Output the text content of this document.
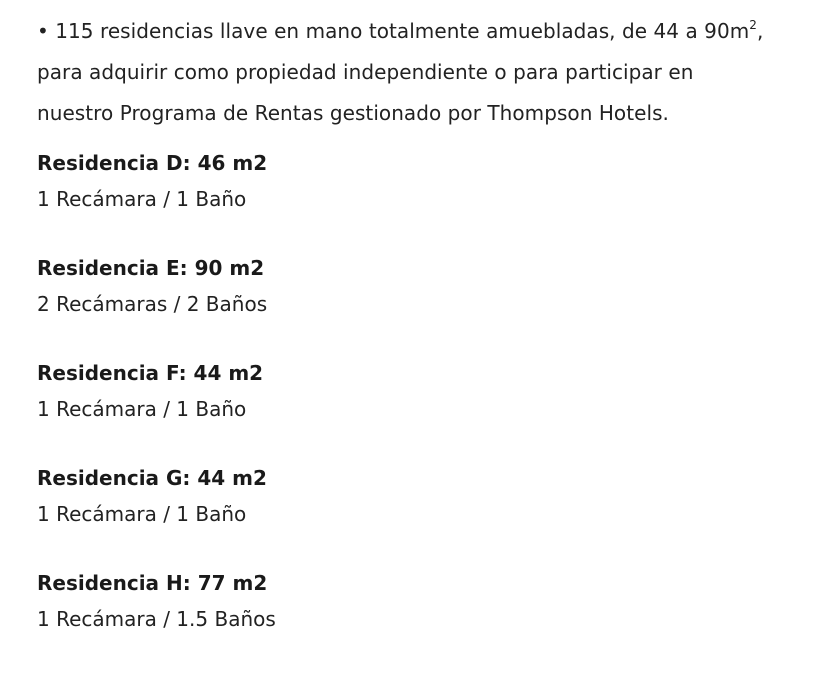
• 115 residencias llave en mano totalmente amuebladas, de 44 a $90m^2$,
para adquirir como propiedad independiente o para participar en
nuestro Programa de Rentas gestionado por Thompson Hotels.

Residencia D: 46 m2
1 Recámara / 1 Baño
Residencia E: 90 m2
2 Recámaras / 2 Baños
Residencia F: 44 m2
1 Recámara / 1 Baño
Residencia G: 44 m2
1 Recámara / 1 Baño
Residencia H: 77 m2
1 Recámara / 1.5 Baños
